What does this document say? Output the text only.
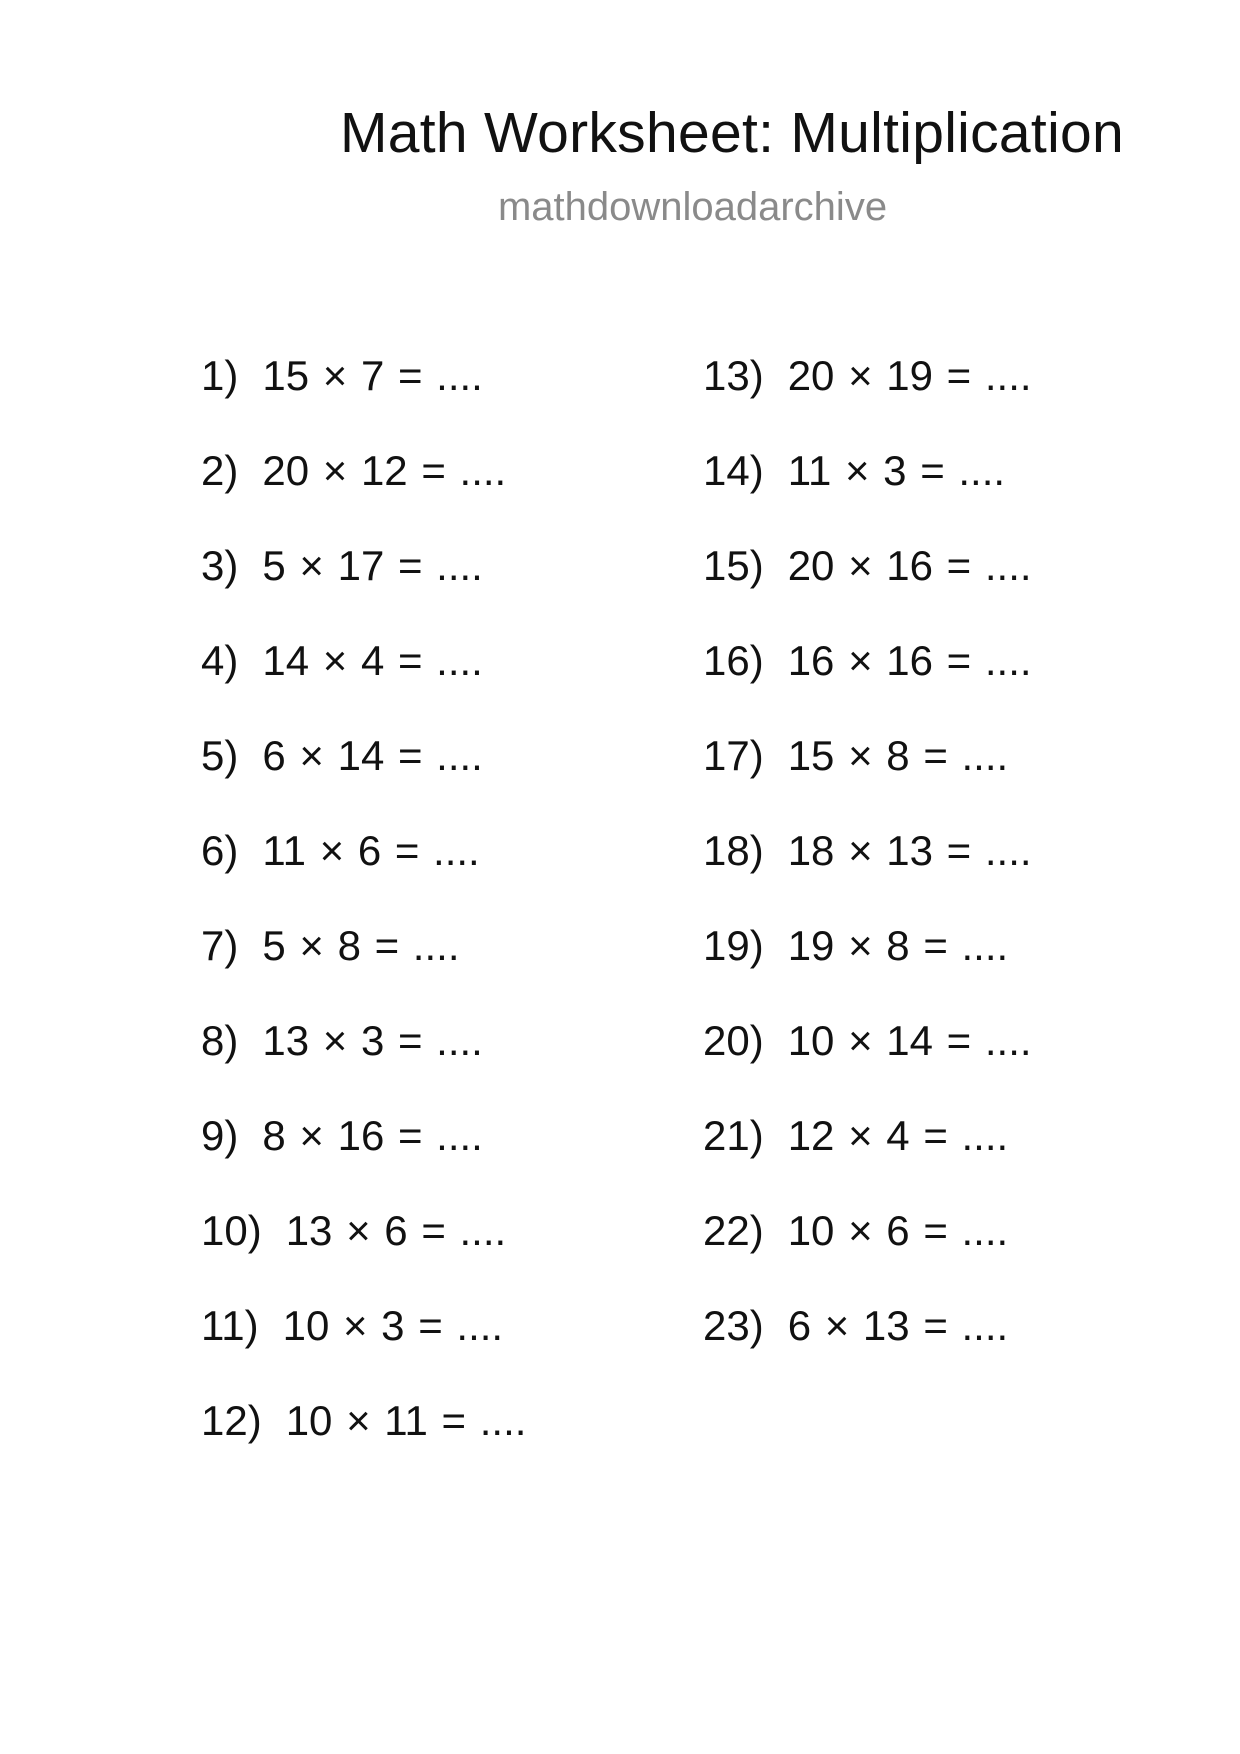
Math Worksheet: Multiplication
mathdownloadarchive
1) 15 × 7 = ....
2) 20 × 12 = ....
3) 5 × 17 = ....
4) 14 × 4 = ....
5) 6 × 14 = ....
6) 11 × 6 = ....
7) 5 × 8 = ....
8) 13 × 3 = ....
9) 8 × 16 = ....
10) 13 × 6 = ....
11) 10 × 3 = ....
12) 10 × 11 = ....
13) 20 × 19 = ....
14) 11 × 3 = ....
15) 20 × 16 = ....
16) 16 × 16 = ....
17) 15 × 8 = ....
18) 18 × 13 = ....
19) 19 × 8 = ....
20) 10 × 14 = ....
21) 12 × 4 = ....
22) 10 × 6 = ....
23) 6 × 13 = ....
